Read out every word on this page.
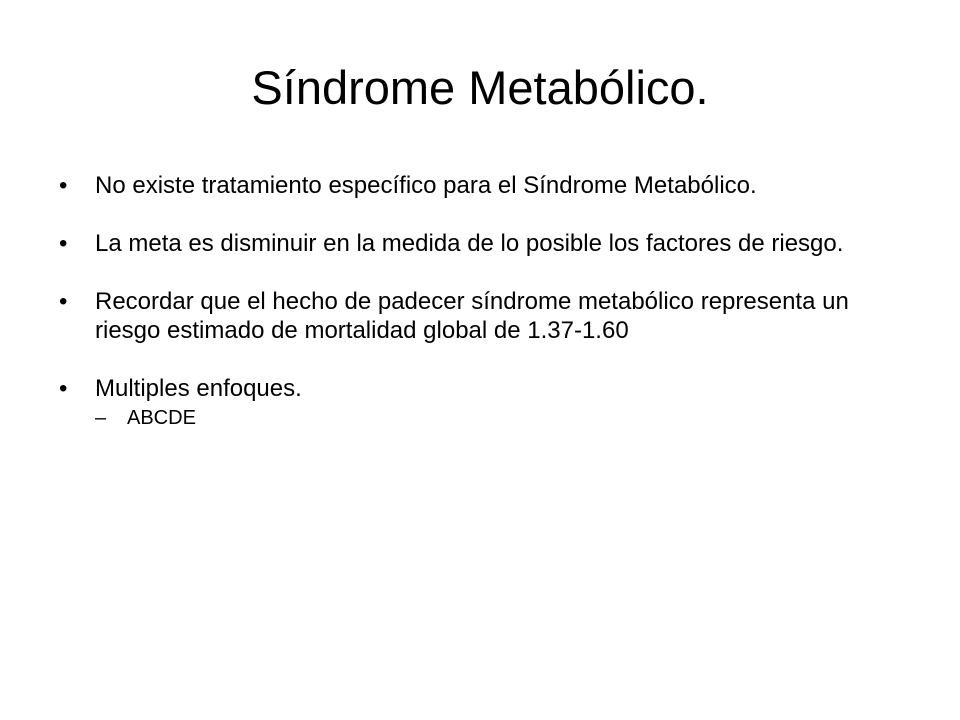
Síndrome Metabólico.
•	No existe tratamiento específico para el Síndrome Metabólico.
•	La meta es disminuir en la medida de lo posible los factores de riesgo.
•	Recordar que el hecho de padecer síndrome metabólico representa un riesgo estimado de mortalidad global de 1.37-1.60
•	Multiples enfoques.
– ABCDE
